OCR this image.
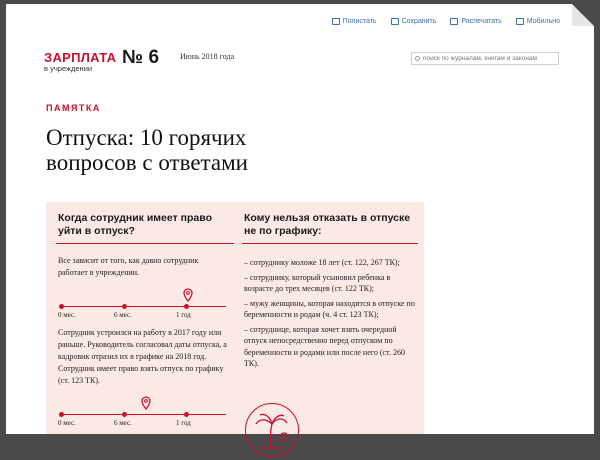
Полистать	Сохранить	Распечатать	Мобильно
ЗАРПЛАТА
в учреждении
№ 6	Июнь 2018 года	поиск по журналам, книгам и законам
ПАМЯТКА
Отпуска: 10 горячих
вопросов с ответами
Когда сотрудник имеет право уйти в отпуск?
Кому нельзя отказать в отпуске не по графику:
Все зависит от того, как давно сотрудник работает в учреждении.
0 мес.	6 мес.	1 год
Сотрудник устроился на работу в 2017 году или раньше. Руководитель согласовал даты отпуска, а кадровик отразил их в графике на 2018 год. Сотрудник имеет право взять отпуск по графику (ст. 123 ТК).
0 мес.	6 мес.	1 год
– сотруднику моложе 18 лет (ст. 122, 267 ТК);
– сотруднику, который усыновил ребенка в возрасте до трех месяцев (ст. 122 ТК);
– мужу женщины, которая находится в отпуске по беременности и родам (ч. 4 ст. 123 ТК);
– сотруднице, которая хочет взять очередной отпуск непосредственно перед отпуском по беременности и родами или после него (ст. 260 ТК).
